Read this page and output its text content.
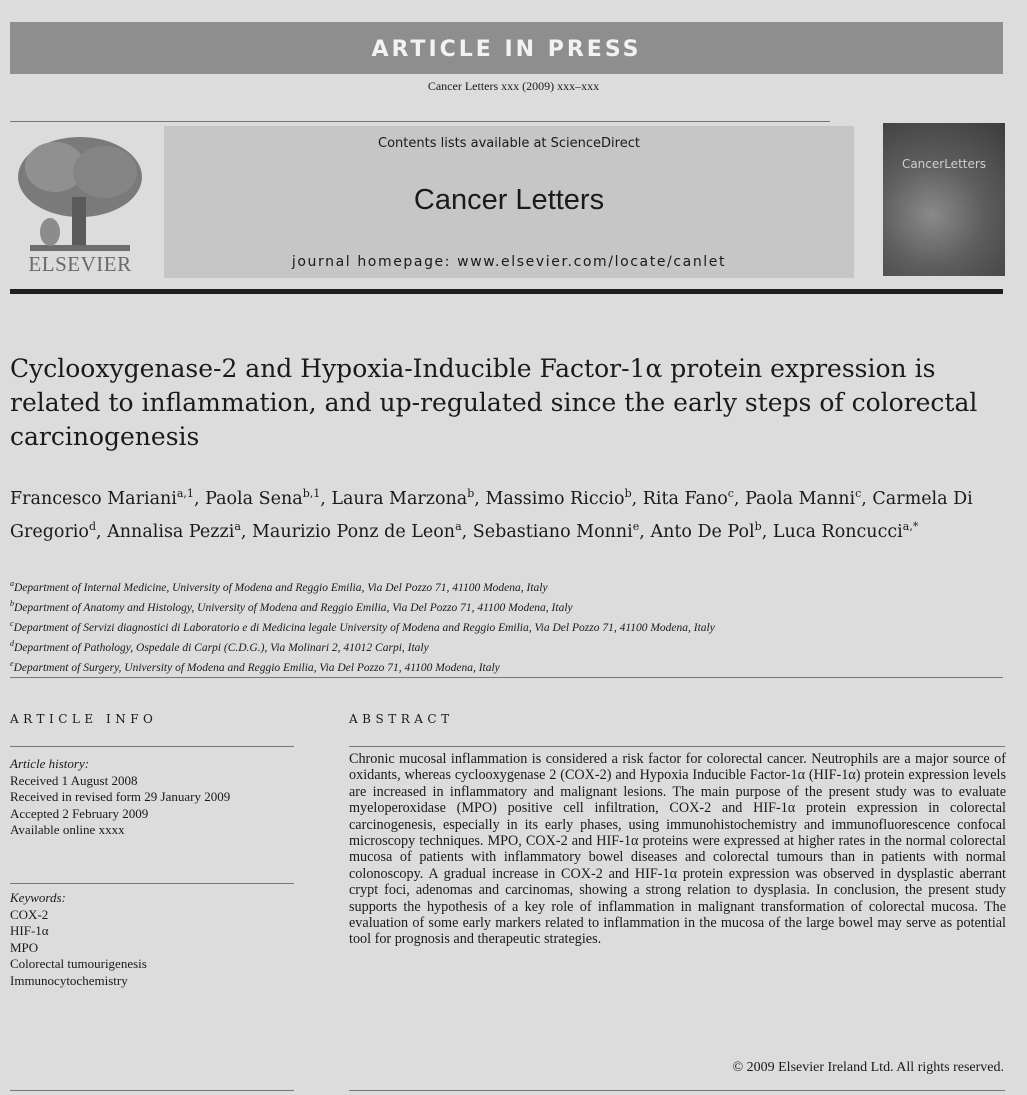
ARTICLE IN PRESS
Cancer Letters xxx (2009) xxx–xxx
ELSEVIER
Contents lists available at ScienceDirect
Cancer Letters
journal homepage: www.elsevier.com/locate/canlet
CancerLetters
Cyclooxygenase-2 and Hypoxia-Inducible Factor-1α protein expression is related to inflammation, and up-regulated since the early steps of colorectal carcinogenesis
Francesco Mariani$^{a,1}$, Paola Sena$^{b,1}$, Laura Marzona$^b$, Massimo Riccio$^b$, Rita Fano$^c$, Paola Manni$^c$, Carmela Di Gregorio$^d$, Annalisa Pezzi$^a$, Maurizio Ponz de Leon$^a$, Sebastiano Monni$^e$, Anto De Pol$^b$, Luca Roncucci$^{a,*}$
$^a$Department of Internal Medicine, University of Modena and Reggio Emilia, Via Del Pozzo 71, 41100 Modena, Italy
$^b$Department of Anatomy and Histology, University of Modena and Reggio Emilia, Via Del Pozzo 71, 41100 Modena, Italy
$^c$Department of Servizi diagnostici di Laboratorio e di Medicina legale University of Modena and Reggio Emilia, Via Del Pozzo 71, 41100 Modena, Italy
$^d$Department of Pathology, Ospedale di Carpi (C.D.G.), Via Molinari 2, 41012 Carpi, Italy
$^e$Department of Surgery, University of Modena and Reggio Emilia, Via Del Pozzo 71, 41100 Modena, Italy
ARTICLE INFO	ABSTRACT
Article history:
Received 1 August 2008
Received in revised form 29 January 2009
Accepted 2 February 2009
Available online xxxx
Keywords:
COX-2
HIF-1α
MPO
Colorectal tumourigenesis
Immunocytochemistry
Chronic mucosal inflammation is considered a risk factor for colorectal cancer. Neutrophils are a major source of oxidants, whereas cyclooxygenase 2 (COX-2) and Hypoxia Inducible Factor-1α (HIF-1α) protein expression levels are increased in inflammatory and malignant lesions. The main purpose of the present study was to evaluate myeloperoxidase (MPO) positive cell infiltration, COX-2 and HIF-1α protein expression in colorectal carcinogenesis, especially in its early phases, using immunohistochemistry and immunofluorescence confocal microscopy techniques. MPO, COX-2 and HIF-1α proteins were expressed at higher rates in the normal colorectal mucosa of patients with inflammatory bowel diseases and colorectal tumours than in patients with normal colonoscopy. A gradual increase in COX-2 and HIF-1α protein expression was observed in dysplastic aberrant crypt foci, adenomas and carcinomas, showing a strong relation to dysplasia. In conclusion, the present study supports the hypothesis of a key role of inflammation in malignant transformation of colorectal mucosa. The evaluation of some early markers related to inflammation in the mucosa of the large bowel may serve as potential tool for prognosis and therapeutic strategies.
© 2009 Elsevier Ireland Ltd. All rights reserved.
